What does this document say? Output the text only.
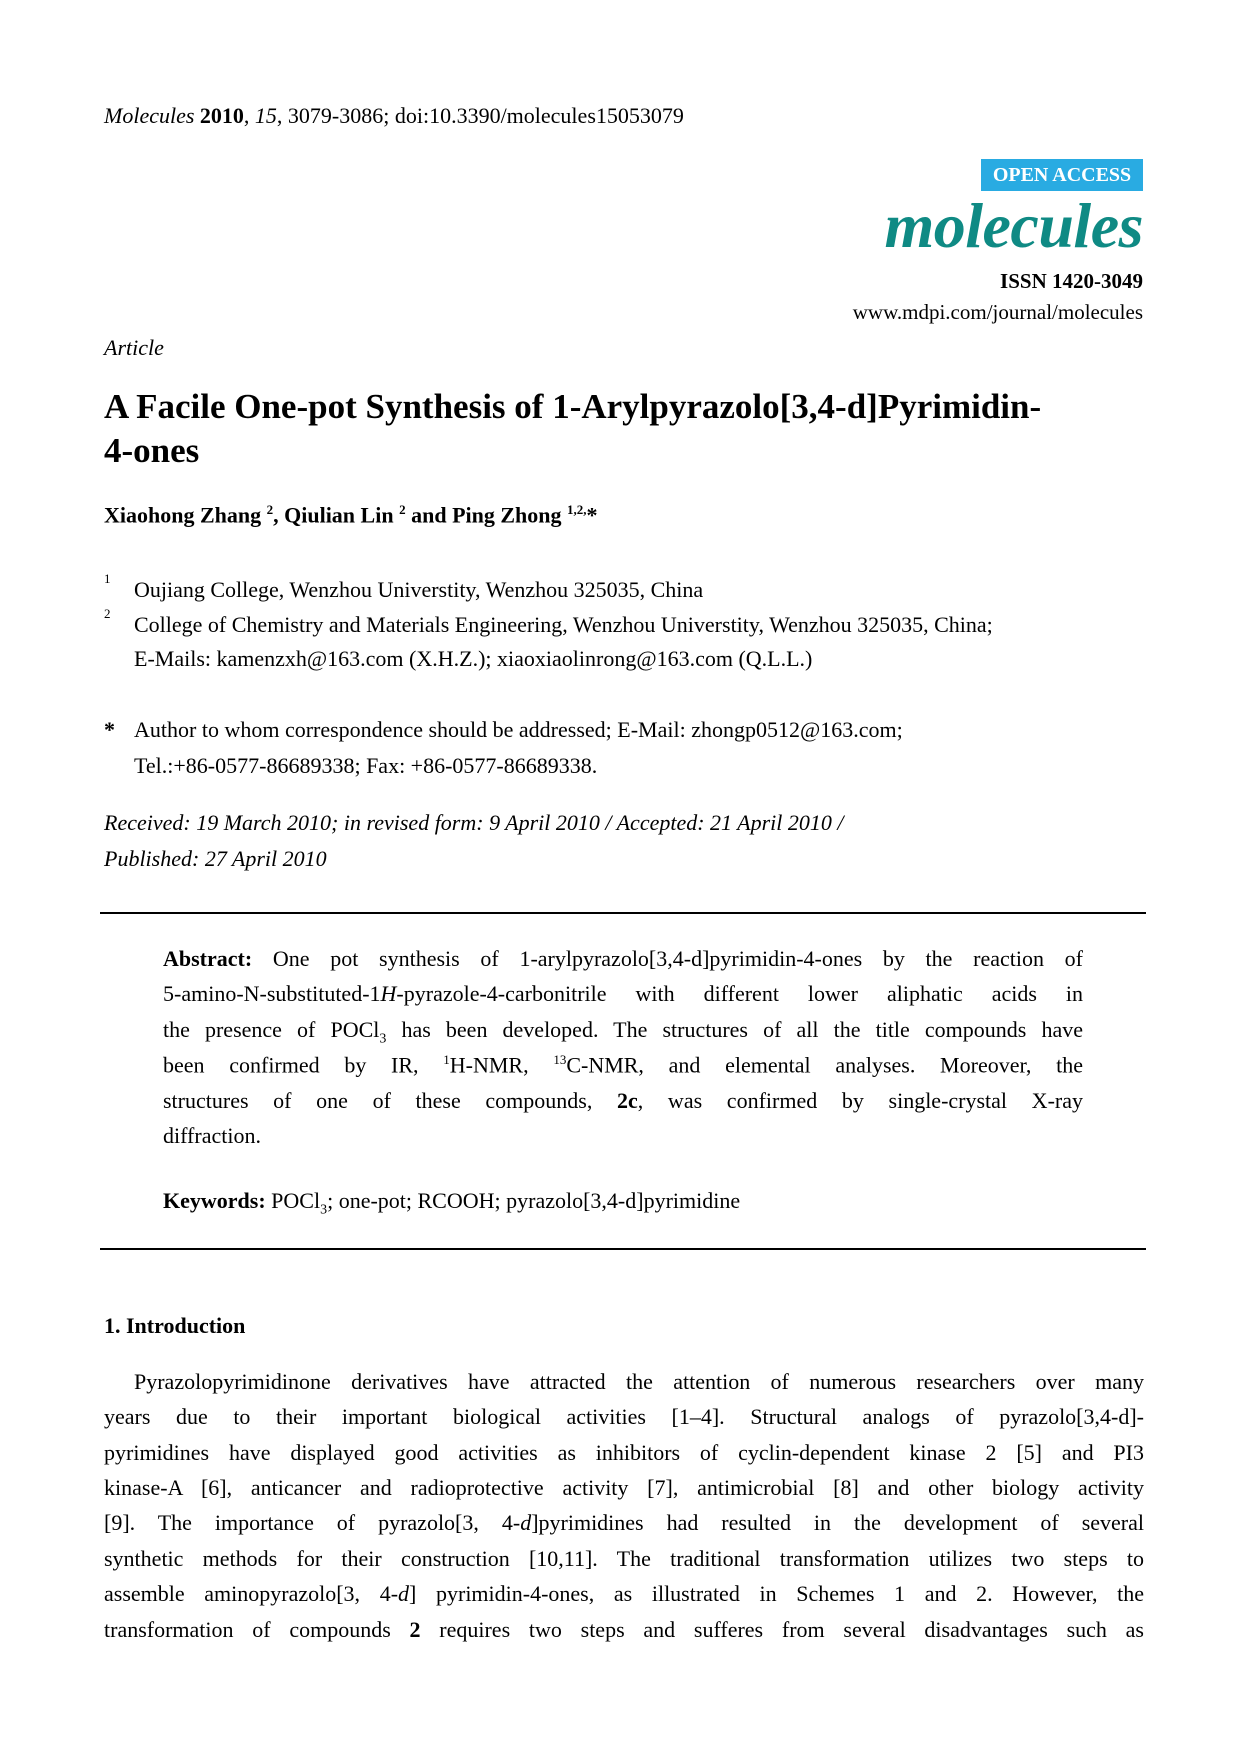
Molecules 2010, 15, 3079-3086; doi:10.3390/molecules15053079
OPEN ACCESS
molecules
ISSN 1420-3049
www.mdpi.com/journal/molecules
Article
A Facile One-pot Synthesis of 1-Arylpyrazolo[3,4-d]Pyrimidin-
4-ones
Xiaohong Zhang $^2$, Qiulian Lin $^2$ and Ping Zhong $^{1,2,}$*
1 Oujiang College, Wenzhou Universtity, Wenzhou 325035, China
2 College of Chemistry and Materials Engineering, Wenzhou Universtity, Wenzhou 325035, China;
E-Mails: kamenzxh@163.com (X.H.Z.); xiaoxiaolinrong@163.com (Q.L.L.)
* Author to whom correspondence should be addressed; E-Mail: zhongp0512@163.com;
Tel.:+86-0577-86689338; Fax: +86-0577-86689338.
Received: 19 March 2010; in revised form: 9 April 2010 / Accepted: 21 April 2010 /
Published: 27 April 2010
Abstract: One pot synthesis of 1-arylpyrazolo[3,4-d]pyrimidin-4-ones by the reaction of
5-amino-N-substituted-1H-pyrazole-4-carbonitrile with different lower aliphatic acids in
the presence of POCl$_3$ has been developed. The structures of all the title compounds have
been confirmed by IR, $^1$H-NMR, $^{13}$C-NMR, and elemental analyses. Moreover, the
structures of one of these compounds, 2c, was confirmed by single-crystal X-ray
diffraction.
Keywords: POCl$_3$; one-pot; RCOOH; pyrazolo[3,4-d]pyrimidine
1. Introduction
Pyrazolopyrimidinone derivatives have attracted the attention of numerous researchers over many
years due to their important biological activities [1–4]. Structural analogs of pyrazolo[3,4-d]-
pyrimidines have displayed good activities as inhibitors of cyclin-dependent kinase 2 [5] and PI3
kinase-A [6], anticancer and radioprotective activity [7], antimicrobial [8] and other biology activity
[9]. The importance of pyrazolo[3, 4-d]pyrimidines had resulted in the development of several
synthetic methods for their construction [10,11]. The traditional transformation utilizes two steps to
assemble aminopyrazolo[3, 4-d] pyrimidin-4-ones, as illustrated in Schemes 1 and 2. However, the
transformation of compounds 2 requires two steps and sufferes from several disadvantages such as
